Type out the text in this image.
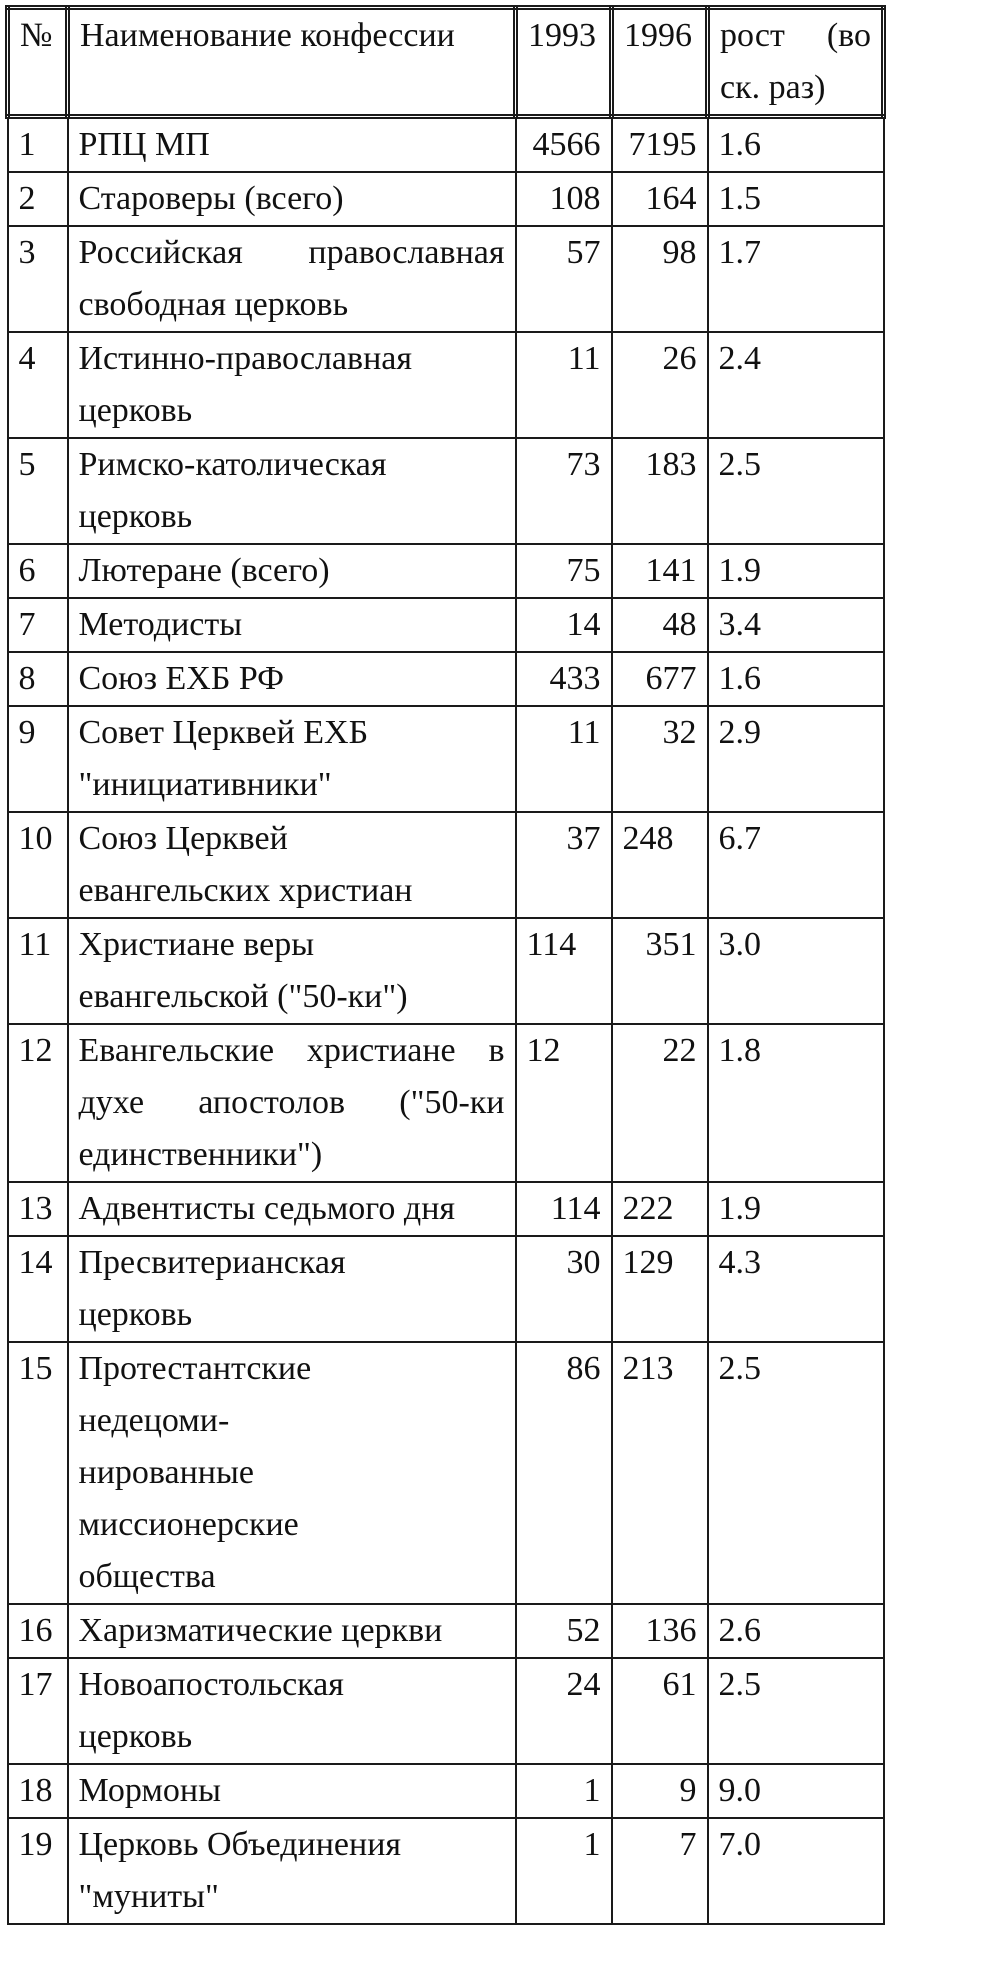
№	Наименование конфессии	1993	1996	рост (во
ск. раз)

1	РПЦ МП	4566	7195	1.6
2	Староверы (всего)	108	164	1.5
3	Российская православная
свободная церковь	57	98	1.7
4	Истинно-православная
церковь	11	26	2.4
5	Римско-католическая
церковь	73	183	2.5
6	Лютеране (всего)	75	141	1.9
7	Методисты	14	48	3.4
8	Союз ЕХБ РФ	433	677	1.6
9	Совет Церквей ЕХБ
"инициативники"	11	32	2.9
10	Союз Церквей
евангельских христиан	37	248	6.7
11	Христиане веры
евангельской ("50-ки")	114	351	3.0
12	Евангельские христиане в
духе апостолов ("50-ки
единственники")	12	22	1.8
13	Адвентисты седьмого дня	114	222	1.9
14	Пресвитерианская
церковь	30	129	4.3
15	Протестантские
недецоми-
нированные
миссионерские
общества	86	213	2.5
16	Харизматические церкви	52	136	2.6
17	Новоапостольская
церковь	24	61	2.5
18	Мормоны	1	9	9.0
19	Церковь Объединения
"муниты"	1	7	7.0
